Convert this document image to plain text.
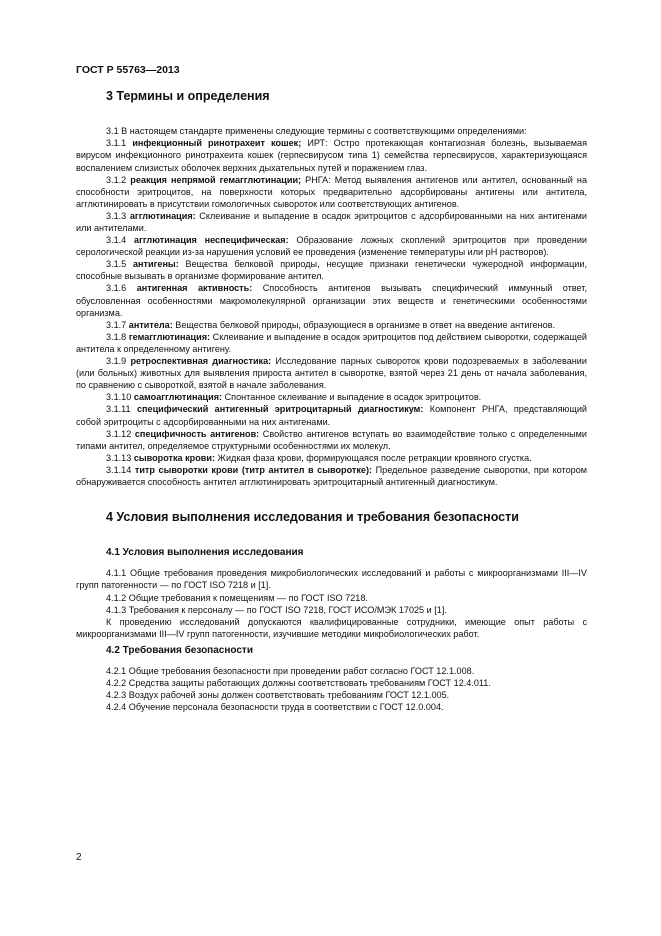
ГОСТ Р 55763—2013
3 Термины и определения

3.1 В настоящем стандарте применены следующие термины с соответствующими определениями:

3.1.1 инфекционный ринотрахеит кошек; ИРТ: Острo протекающая контагиозная болезнь, вызываемая вирусом инфекционного ринотрахеита кошек (герпесвирусом типа 1) семейства герпесвирусов, характеризующаяся воспалением слизистых оболочек верхних дыхательных путей и поражением глаз.

3.1.2 реакция непрямой гемагглютинации; РНГА: Метод выявления антигенов или антител, основанный на способности эритроцитов, на поверхности которых предварительно адсорбированы антигены или антитела, агглютинировать в присутствии гомологичных сывороток или соответствующих антигенов.

3.1.3 агглютинация: Склеивание и выпадение в осадок эритроцитов с адсорбированными на них антигенами или антителами.

3.1.4 агглютинация неспецифическая: Образование ложных скоплений эритроцитов при проведении серологической реакции из-за нарушения условий ее проведения (изменение температуры или pH растворов).

3.1.5 антигены: Вещества белковой природы, несущие признаки генетически чужеродной информации, способные вызывать в организме формирование антител.

3.1.6 антигенная активность: Способность антигенов вызывать специфический иммунный ответ, обусловленная особенностями макромолекулярной организации этих веществ и генетическими особенностями организма.

3.1.7 антитела: Вещества белковой природы, образующиеся в организме в ответ на введение антигенов.

3.1.8 гемагглютинация: Склеивание и выпадение в осадок эритроцитов под действием сыворотки, содержащей антитела к определенному антигену.

3.1.9 ретроспективная диагностика: Исследование парных сывороток крови подозреваемых в заболевании (или больных) животных для выявления прироста антител в сыворотке, взятой через 21 день от начала заболевания, по сравнению с сывороткой, взятой в начале заболевания.

3.1.10 самоагглютинация: Спонтанное склеивание и выпадение в осадок эритроцитов.

3.1.11 специфический антигенный эритроцитарный диагностикум: Компонент РНГА, представляющий собой эритроциты с адсорбированными на них антигенами.

3.1.12 специфичность антигенов: Свойство антигенов вступать во взаимодействие только с определенными типами антител, определяемое структурными особенностями их молекул.

3.1.13 сыворотка крови: Жидкая фаза крови, формирующаяся после ретракции кровяного сгустка.

3.1.14 титр сыворотки крови (титр антител в сыворотке): Предельное разведение сыворотки, при котором обнаруживается способность антител агглютинировать эритроцитарный антигенный диагностикум.

4 Условия выполнения исследования и требования безопасности
4.1 Условия выполнения исследования

4.1.1 Общие требования проведения микробиологических исследований и работы с микроорганизмами III—IV групп патогенности — по ГОСТ ISO 7218 и [1].

4.1.2 Общие требования к помещениям — по ГОСТ ISO 7218.

4.1.3 Требования к персоналу — по ГОСТ ISO 7218, ГОСТ ИСО/МЭК 17025 и [1].

К проведению исследований допускаются квалифицированные сотрудники, имеющие опыт работы с микроорганизмами III—IV групп патогенности, изучившие методики микробиологических работ.

4.2 Требования безопасности

4.2.1 Общие требования безопасности при проведении работ согласно ГОСТ 12.1.008.

4.2.2 Средства защиты работающих должны соответствовать требованиям ГОСТ 12.4.011.

4.2.3 Воздух рабочей зоны должен соответствовать требованиям ГОСТ 12.1.005.

4.2.4 Обучение персонала безопасности труда в соответствии с ГОСТ 12.0.004.

2
